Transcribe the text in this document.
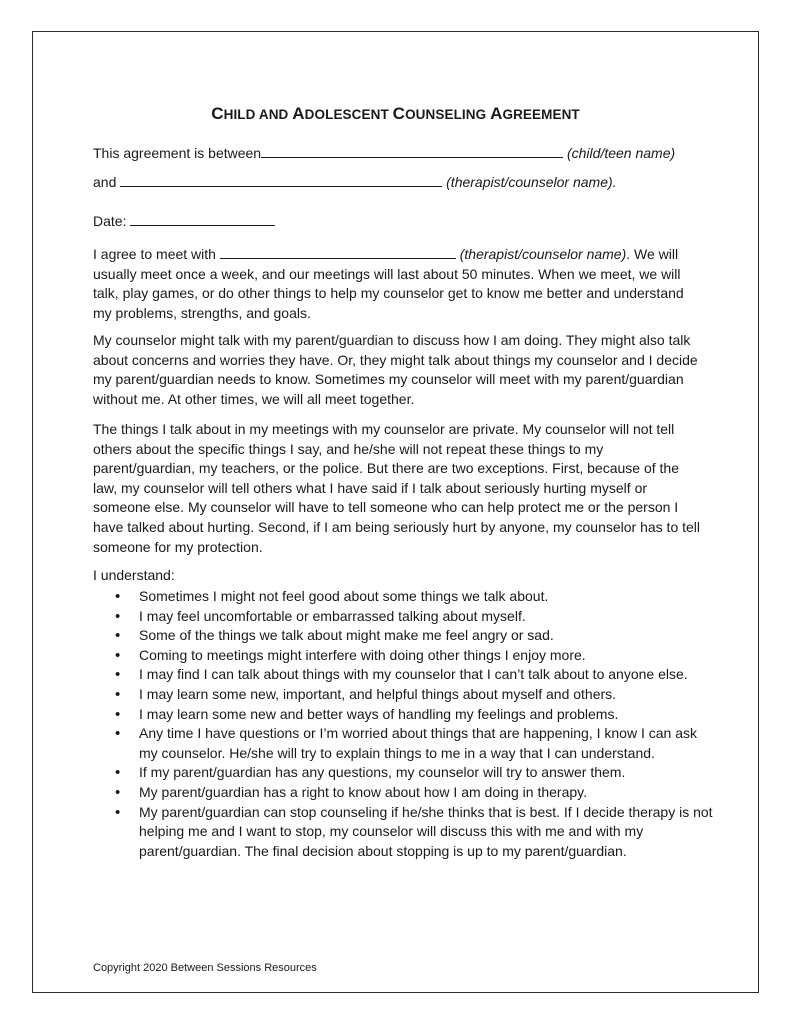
CHILD AND ADOLESCENT COUNSELING AGREEMENT
This agreement is between	(child/teen name)
and	(therapist/counselor name).
Date:

I agree to meet with	(therapist/counselor name). We will usually meet once a week, and our meetings will last about 50 minutes. When we meet, we will talk, play games, or do other things to help my counselor get to know me better and understand my problems, strengths, and goals.

My counselor might talk with my parent/guardian to discuss how I am doing. They might also talk about concerns and worries they have. Or, they might talk about things my counselor and I decide my parent/guardian needs to know. Sometimes my counselor will meet with my parent/guardian without me. At other times, we will all meet together.

The things I talk about in my meetings with my counselor are private. My counselor will not tell others about the specific things I say, and he/she will not repeat these things to my parent/guardian, my teachers, or the police. But there are two exceptions. First, because of the law, my counselor will tell others what I have said if I talk about seriously hurting myself or someone else. My counselor will have to tell someone who can help protect me or the person I have talked about hurting. Second, if I am being seriously hurt by anyone, my counselor has to tell someone for my protection.

I understand:
• Sometimes I might not feel good about some things we talk about.
• I may feel uncomfortable or embarrassed talking about myself.
• Some of the things we talk about might make me feel angry or sad.
• Coming to meetings might interfere with doing other things I enjoy more.
• I may find I can talk about things with my counselor that I can’t talk about to anyone else.
• I may learn some new, important, and helpful things about myself and others.
• I may learn some new and better ways of handling my feelings and problems.
• Any time I have questions or I’m worried about things that are happening, I know I can ask my counselor. He/she will try to explain things to me in a way that I can understand.
• If my parent/guardian has any questions, my counselor will try to answer them.
• My parent/guardian has a right to know about how I am doing in therapy.
• My parent/guardian can stop counseling if he/she thinks that is best. If I decide therapy is not helping me and I want to stop, my counselor will discuss this with me and with my parent/guardian. The final decision about stopping is up to my parent/guardian.
Copyright 2020 Between Sessions Resources
